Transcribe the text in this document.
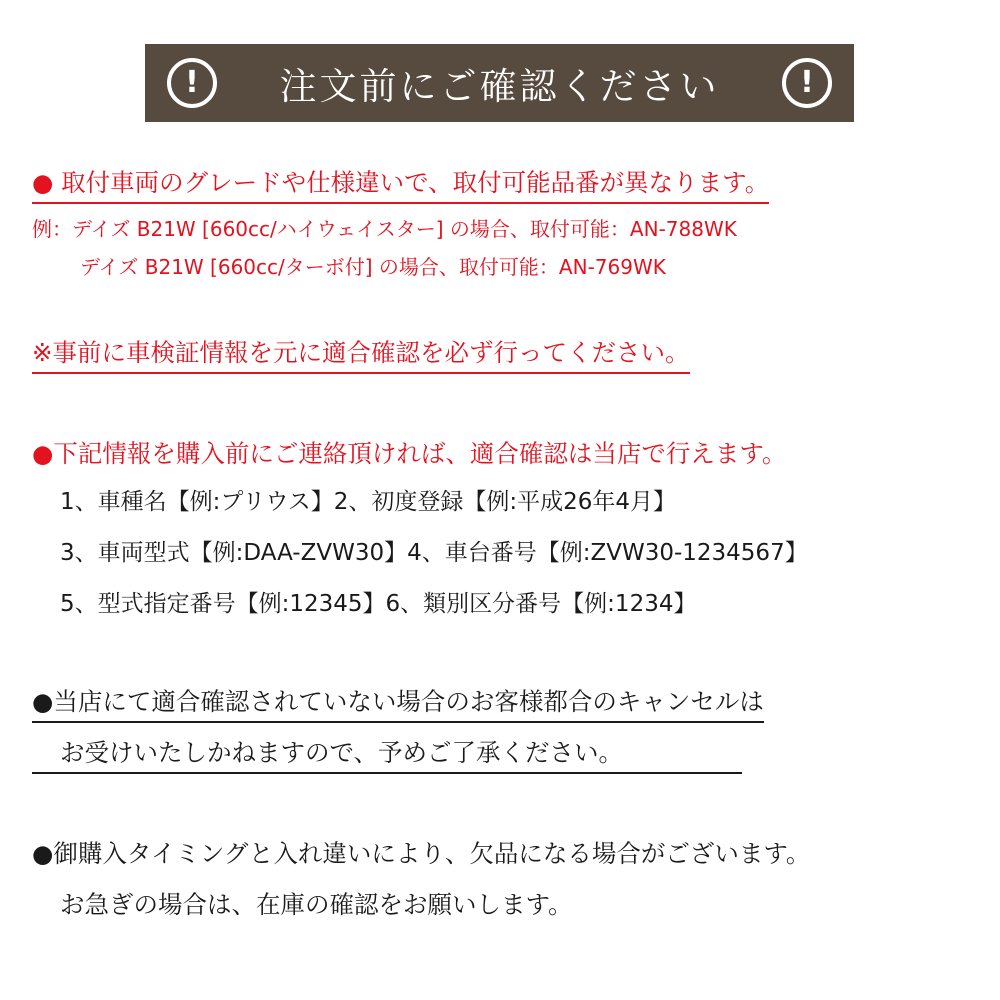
!	注文前にご確認ください	!
● 取付車両のグレードや仕様違いで、取付可能品番が異なります。
例：デイズ B21W [660cc/ハイウェイスター] の場合、取付可能：AN-788WK
デイズ B21W [660cc/ターボ付] の場合、取付可能：AN-769WK
※事前に車検証情報を元に適合確認を必ず行ってください。
●下記情報を購入前にご連絡頂ければ、適合確認は当店で行えます。
1、車種名【例:プリウス】2、初度登録【例:平成26年4月】
3、車両型式【例:DAA-ZVW30】4、車台番号【例:ZVW30-1234567】
5、型式指定番号【例:12345】6、類別区分番号【例:1234】
●当店にて適合確認されていない場合のお客様都合のキャンセルは
お受けいたしかねますので、予めご了承ください。
●御購入タイミングと入れ違いにより、欠品になる場合がございます。
お急ぎの場合は、在庫の確認をお願いします。
